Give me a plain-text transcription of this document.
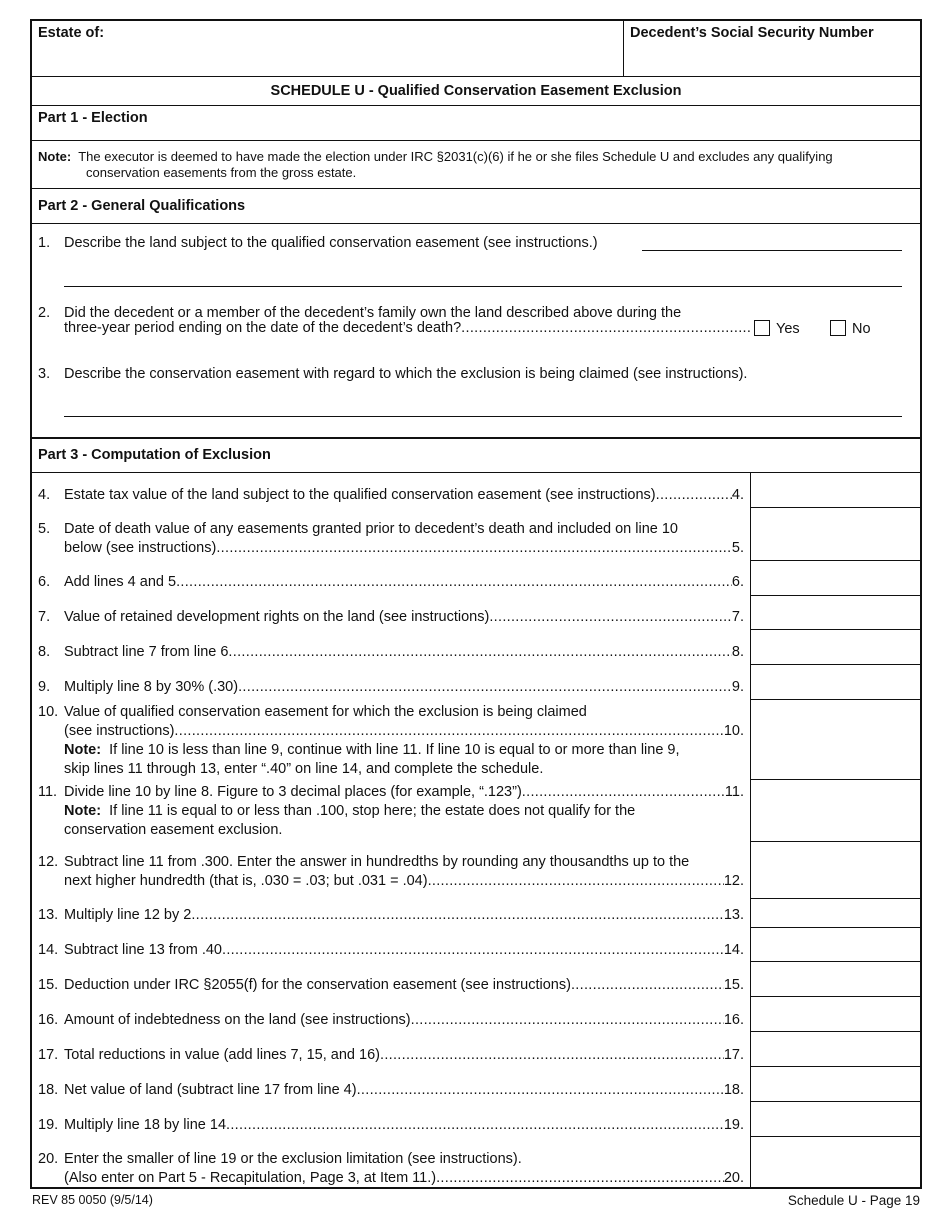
Estate of:	Decedent’s Social Security Number
SCHEDULE U - Qualified Conservation Easement Exclusion
Part 1 - Election
Note: The executor is deemed to have made the election under IRC §2031(c)(6) if he or she files Schedule U and excludes any qualifying
conservation easements from the gross estate.
Part 2 - General Qualifications
1. Describe the land subject to the qualified conservation easement (see instructions.)
2. Did the decedent or a member of the decedent’s family own the land described above during the
three-year period ending on the date of the decedent’s death? .....	Yes	No
3. Describe the conservation easement with regard to which the exclusion is being claimed (see instructions).
Part 3 - Computation of Exclusion
4. Estate tax value of the land subject to the qualified conservation easement (see instructions) .....	4.
5. Date of death value of any easements granted prior to decedent’s death and included on line 10
below (see instructions) .....	5.
6. Add lines 4 and 5 .....	6.
7. Value of retained development rights on the land (see instructions) .....	7.
8. Subtract line 7 from line 6 .....	8.
9. Multiply line 8 by 30% (.30) .....	9.
10. Value of qualified conservation easement for which the exclusion is being claimed
(see instructions) .....	10.
Note: If line 10 is less than line 9, continue with line 11. If line 10 is equal to or more than line 9,
skip lines 11 through 13, enter “.40” on line 14, and complete the schedule.
11. Divide line 10 by line 8. Figure to 3 decimal places (for example, “.123”) .....	11.
Note: If line 11 is equal to or less than .100, stop here; the estate does not qualify for the
conservation easement exclusion.
12. Subtract line 11 from .300. Enter the answer in hundredths by rounding any thousandths up to the
next higher hundredth (that is, .030 = .03; but .031 = .04) .....	12.
13. Multiply line 12 by 2 .....	13.
14. Subtract line 13 from .40 .....	14.
15. Deduction under IRC §2055(f) for the conservation easement (see instructions) .....	15.
16. Amount of indebtedness on the land (see instructions) .....	16.
17. Total reductions in value (add lines 7, 15, and 16) .....	17.
18. Net value of land (subtract line 17 from line 4) .....	18.
19. Multiply line 18 by line 14 .....	19.
20. Enter the smaller of line 19 or the exclusion limitation (see instructions).
(Also enter on Part 5 - Recapitulation, Page 3, at Item 11.) .....	20.
REV 85 0050 (9/5/14)	Schedule U - Page 19
